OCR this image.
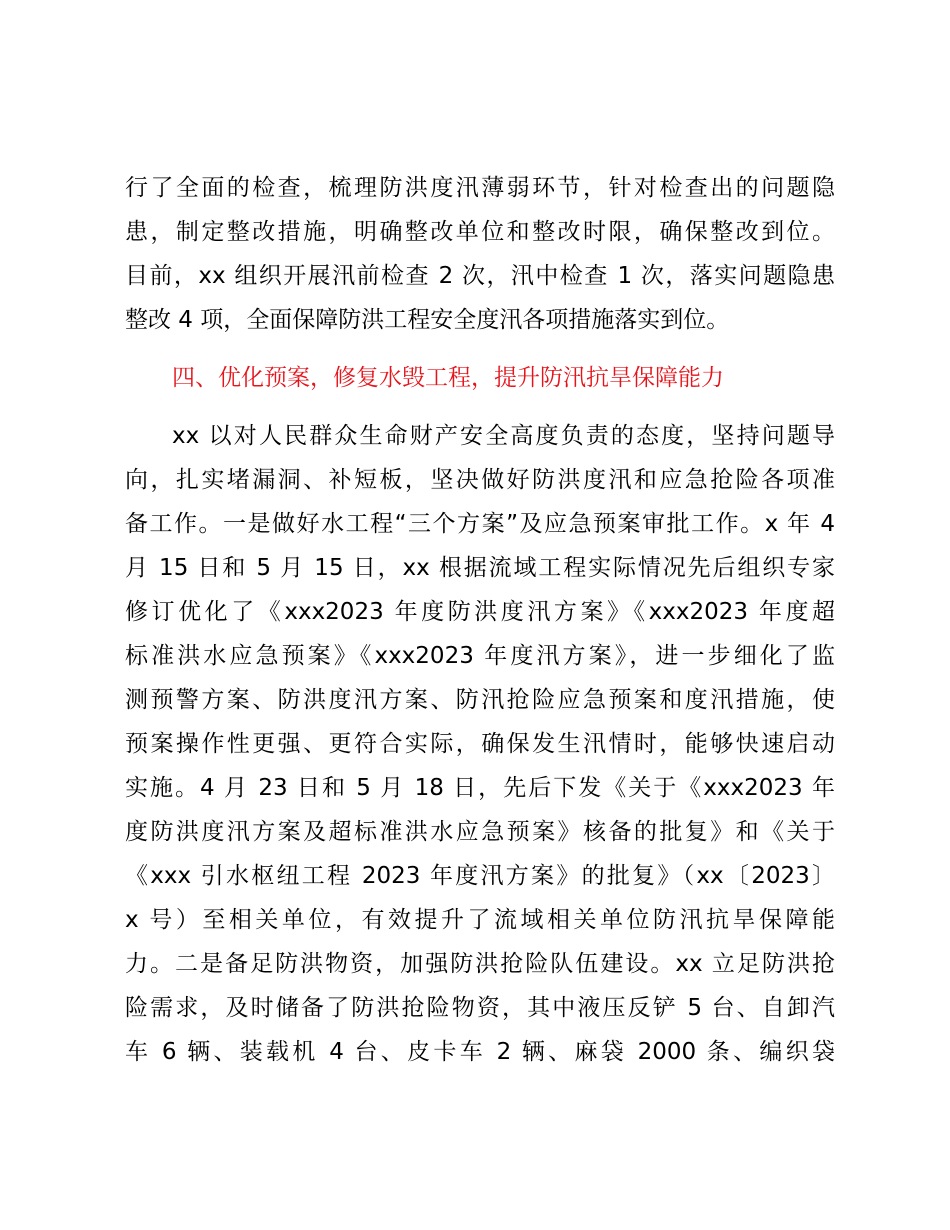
行了全面的检查，梳理防洪度汛薄弱环节，针对检查出的问题隐
患，制定整改措施，明确整改单位和整改时限，确保整改到位。
目前，xx 组织开展汛前检查 2 次，汛中检查 1 次，落实问题隐患
整改 4 项，全面保障防洪工程安全度汛各项措施落实到位。
四、优化预案，修复水毁工程，提升防汛抗旱保障能力
xx 以对人民群众生命财产安全高度负责的态度，坚持问题导
向，扎实堵漏洞、补短板，坚决做好防洪度汛和应急抢险各项准
备工作。一是做好水工程“三个方案”及应急预案审批工作。x 年 4
月 15 日和 5 月 15 日，xx 根据流域工程实际情况先后组织专家
修订优化了《xxx2023 年度防洪度汛方案》《xxx2023 年度超
标准洪水应急预案》《xxx2023 年度汛方案》，进一步细化了监
测预警方案、防洪度汛方案、防汛抢险应急预案和度汛措施，使
预案操作性更强、更符合实际，确保发生汛情时，能够快速启动
实施。4 月 23 日和 5 月 18 日，先后下发《关于《xxx2023 年
度防洪度汛方案及超标准洪水应急预案》核备的批复》和《关于
《xxx 引水枢纽工程 2023 年度汛方案》的批复》（xx〔2023〕
x 号）至相关单位，有效提升了流域相关单位防汛抗旱保障能
力。二是备足防洪物资，加强防洪抢险队伍建设。xx 立足防洪抢
险需求，及时储备了防洪抢险物资，其中液压反铲 5 台、自卸汽
车 6 辆、装载机 4 台、皮卡车 2 辆、麻袋 2000 条、编织袋
